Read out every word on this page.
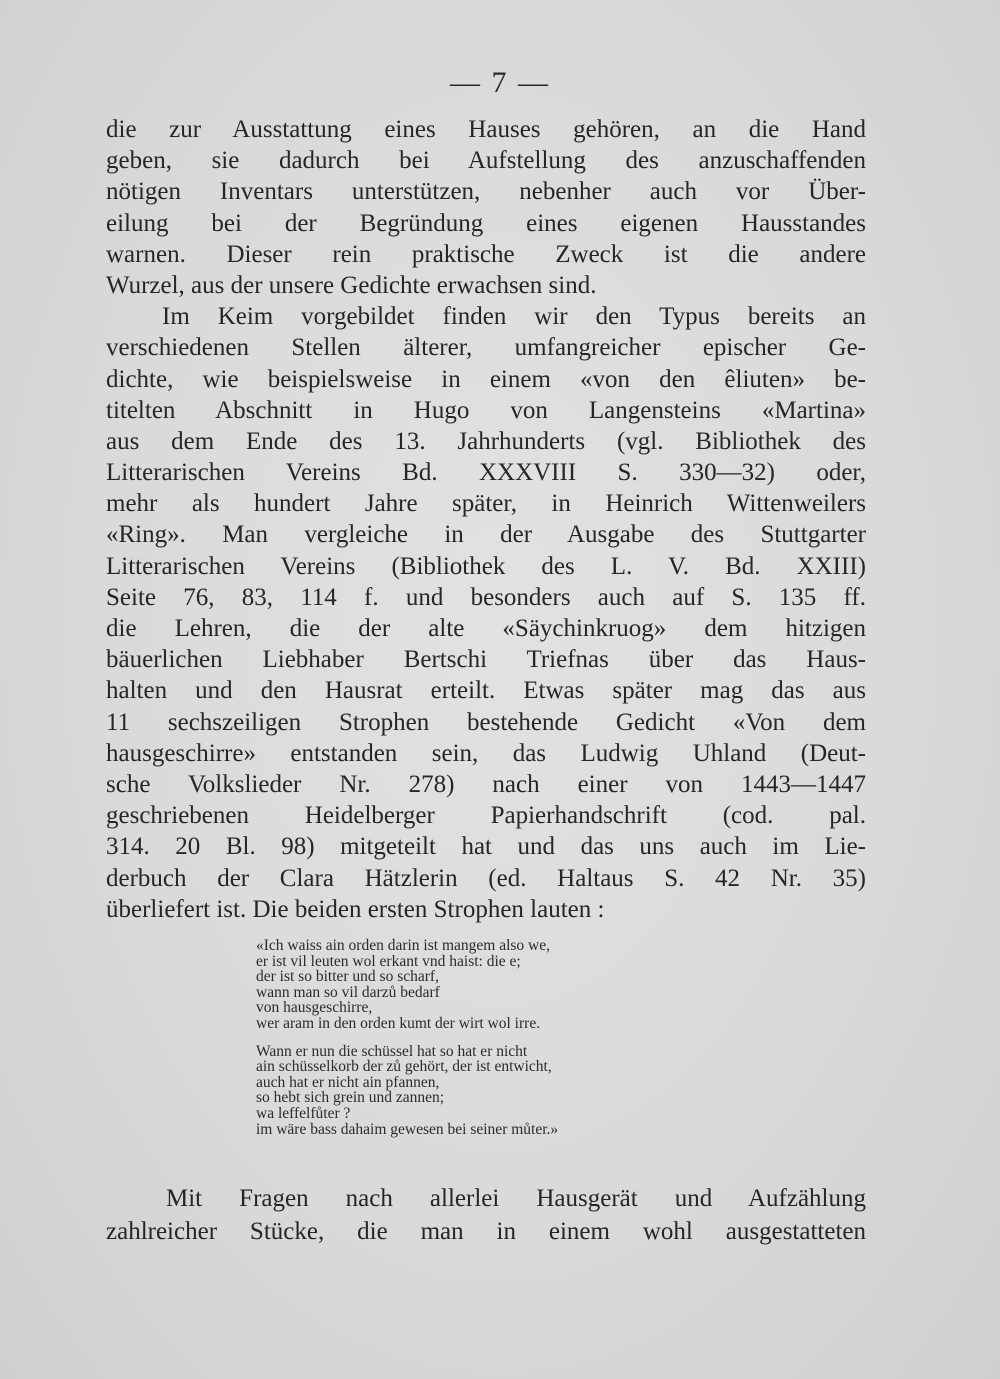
— 7 —
die zur Ausstattung eines Hauses gehören, an die Hand
geben, sie dadurch bei Aufstellung des anzuschaffenden
nötigen Inventars unterstützen, nebenher auch vor Über-
eilung bei der Begründung eines eigenen Hausstandes
warnen. Dieser rein praktische Zweck ist die andere
Wurzel, aus der unsere Gedichte erwachsen sind.
Im Keim vorgebildet finden wir den Typus bereits an
verschiedenen Stellen älterer, umfangreicher epischer Ge-
dichte, wie beispielsweise in einem «von den êliuten» be-
titelten Abschnitt in Hugo von Langensteins «Martina»
aus dem Ende des 13. Jahrhunderts (vgl. Bibliothek des
Litterarischen Vereins Bd. XXXVIII S. 330—32) oder,
mehr als hundert Jahre später, in Heinrich Wittenweilers
«Ring». Man vergleiche in der Ausgabe des Stuttgarter
Litterarischen Vereins (Bibliothek des L. V. Bd. XXIII)
Seite 76, 83, 114 f. und besonders auch auf S. 135 ff.
die Lehren, die der alte «Säychinkruog» dem hitzigen
bäuerlichen Liebhaber Bertschi Triefnas über das Haus-
halten und den Hausrat erteilt. Etwas später mag das aus
11 sechszeiligen Strophen bestehende Gedicht «Von dem
hausgeschirre» entstanden sein, das Ludwig Uhland (Deut-
sche Volkslieder Nr. 278) nach einer von 1443—1447
geschriebenen Heidelberger Papierhandschrift (cod. pal.
314. 20 Bl. 98) mitgeteilt hat und das uns auch im Lie-
derbuch der Clara Hätzlerin (ed. Haltaus S. 42 Nr. 35)
überliefert ist. Die beiden ersten Strophen lauten :
«Ich waiss ain orden darin ist mangem also we,
er ist vil leuten wol erkant vnd haist: die e;
der ist so bitter und so scharf,
wann man so vil darzů bedarf
von hausgeschirre,
wer aram in den orden kumt der wirt wol irre.
Wann er nun die schüssel hat so hat er nicht
ain schüsselkorb der zů gehört, der ist entwicht,
auch hat er nicht ain pfannen,
so hebt sich grein und zannen;
wa leffelfůter ?
im wäre bass dahaim gewesen bei seiner můter.»
Mit Fragen nach allerlei Hausgerät und Aufzählung
zahlreicher Stücke, die man in einem wohl ausgestatteten
